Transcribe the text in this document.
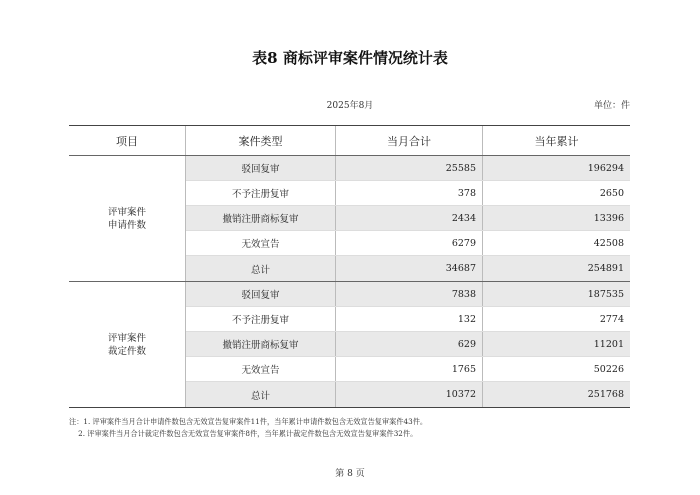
表8 商标评审案件情况统计表
2025年8月	单位：件
项目	案件类型	当月合计	当年累计
评审案件
申请件数
驳回复审	25585	196294
不予注册复审	378	2650
撤销注册商标复审	2434	13396
无效宣告	6279	42508
总计	34687	254891
评审案件
裁定件数
驳回复审	7838	187535
不予注册复审	132	2774
撤销注册商标复审	629	11201
无效宣告	1765	50226
总计	10372	251768
注：1. 评审案件当月合计申请件数包含无效宣告复审案件11件，当年累计申请件数包含无效宣告复审案件43件。
2. 评审案件当月合计裁定件数包含无效宣告复审案件8件，当年累计裁定件数包含无效宣告复审案件32件。
第 8 页
